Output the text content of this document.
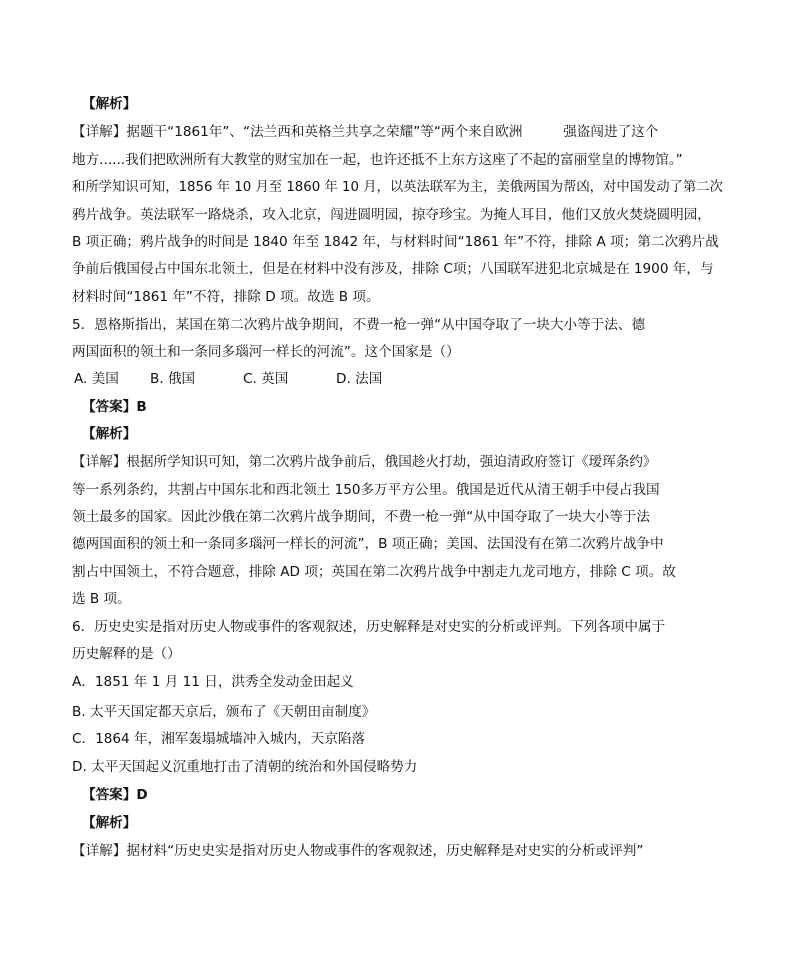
【解析】
【详解】据题干“1861年”、“法兰西和英格兰共享之荣耀”等“两个来自欧洲　　　强盗闯进了这个
地方......我们把欧洲所有大教堂的财宝加在一起，也许还抵不上东方这座了不起的富丽堂皇的博物馆。”
和所学知识可知，1856 年 10 月至 1860 年 10 月，以英法联军为主，美俄两国为帮凶，对中国发动了第二次
鸦片战争。英法联军一路烧杀，攻入北京，闯进圆明园，掠夺珍宝。为掩人耳目，他们又放火焚烧圆明园，
B 项正确；鸦片战争的时间是 1840 年至 1842 年，与材料时间“1861 年”不符，排除 A 项；第二次鸦片战
争前后俄国侵占中国东北领土，但是在材料中没有涉及，排除 C项；八国联军进犯北京城是在 1900 年，与
材料时间“1861 年”不符，排除 D 项。故选 B 项。
5．恩格斯指出，某国在第二次鸦片战争期间，不费一枪一弹“从中国夺取了一块大小等于法、德
两国面积的领土和一条同多瑙河一样长的河流”。这个国家是（）
A. 美国 B. 俄国	C. 英国	D. 法国
【答案】B
【解析】
【详解】根据所学知识可知，第二次鸦片战争前后，俄国趁火打劫，强迫清政府签订《瑷珲条约》
等一系列条约，共割占中国东北和西北领土 150多万平方公里。俄国是近代从清王朝手中侵占我国
领土最多的国家。因此沙俄在第二次鸦片战争期间，不费一枪一弹“从中国夺取了一块大小等于法
德两国面积的领土和一条同多瑙河一样长的河流”，B 项正确；美国、法国没有在第二次鸦片战争中
割占中国领土，不符合题意，排除 AD 项；英国在第二次鸦片战争中割走九龙司地方，排除 C 项。故
选 B 项。
6．历史史实是指对历史人物或事件的客观叙述，历史解释是对史实的分析或评判。下列各项中属于
历史解释的是（）
A．1851 年 1 月 11 日，洪秀全发动金田起义
B. 太平天国定都天京后，颁布了《天朝田亩制度》
C．1864 年，湘军轰塌城墙冲入城内，天京陷落
D. 太平天国起义沉重地打击了清朝的统治和外国侵略势力
【答案】D
【解析】
【详解】据材料“历史史实是指对历史人物或事件的客观叙述，历史解释是对史实的分析或评判”
